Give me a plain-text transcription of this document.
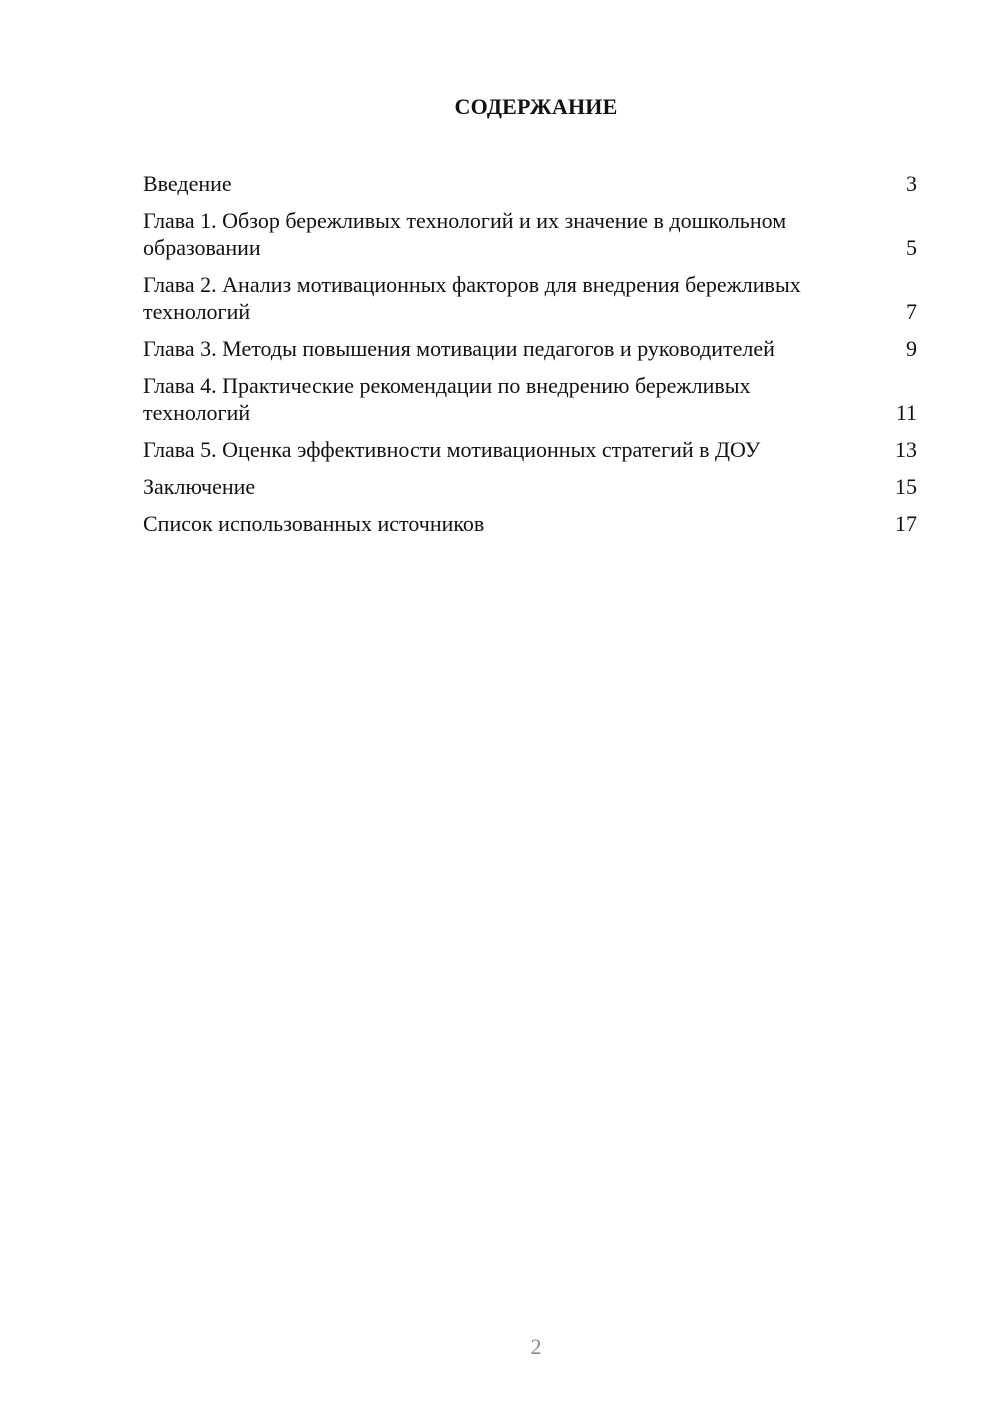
СОДЕРЖАНИЕ
Введение	3
Глава 1. Обзор бережливых технологий и их значение в дошкольном образовании	5
Глава 2. Анализ мотивационных факторов для внедрения бережливых технологий	7
Глава 3. Методы повышения мотивации педагогов и руководителей	9
Глава 4. Практические рекомендации по внедрению бережливых технологий	11
Глава 5. Оценка эффективности мотивационных стратегий в ДОУ	13
Заключение	15
Список использованных источников	17
2
